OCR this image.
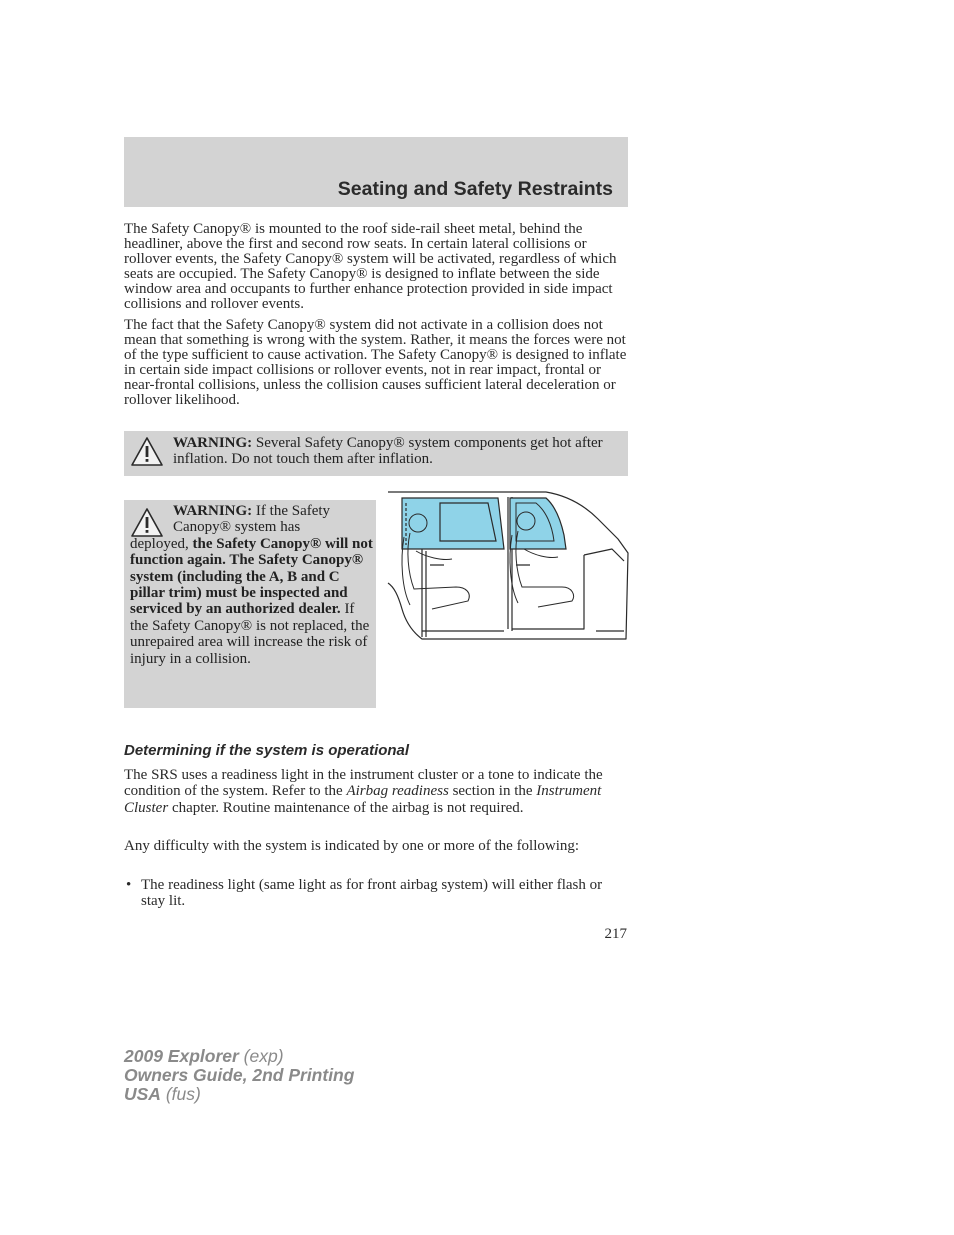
Seating and Safety Restraints

The Safety Canopy® is mounted to the roof side-rail sheet metal, behind the headliner, above the first and second row seats. In certain lateral collisions or rollover events, the Safety Canopy® system will be activated, regardless of which seats are occupied. The Safety Canopy® is designed to inflate between the side window area and occupants to further enhance protection provided in side impact collisions and rollover events.

The fact that the Safety Canopy® system did not activate in a collision does not mean that something is wrong with the system. Rather, it means the forces were not of the type sufficient to cause activation. The Safety Canopy® is designed to inflate in certain side impact collisions or rollover events, not in rear impact, frontal or near-frontal collisions, unless the collision causes sufficient lateral deceleration or rollover likelihood.

WARNING: Several Safety Canopy® system components get hot after inflation. Do not touch them after inflation.

WARNING: If the Safety
Canopy® system has
deployed, the Safety Canopy® will not function again. The Safety Canopy® system (including the A, B and C pillar trim) must be inspected and serviced by an authorized dealer. If the Safety Canopy® is not replaced, the unrepaired area will increase the risk of injury in a collision.

Determining if the system is operational

The SRS uses a readiness light in the instrument cluster or a tone to indicate the condition of the system. Refer to the Airbag readiness section in the Instrument Cluster chapter. Routine maintenance of the airbag is not required.

Any difficulty with the system is indicated by one or more of the following:

• The readiness light (same light as for front airbag system) will either flash or stay lit.
217
2009 Explorer (exp)
Owners Guide, 2nd Printing
USA (fus)
